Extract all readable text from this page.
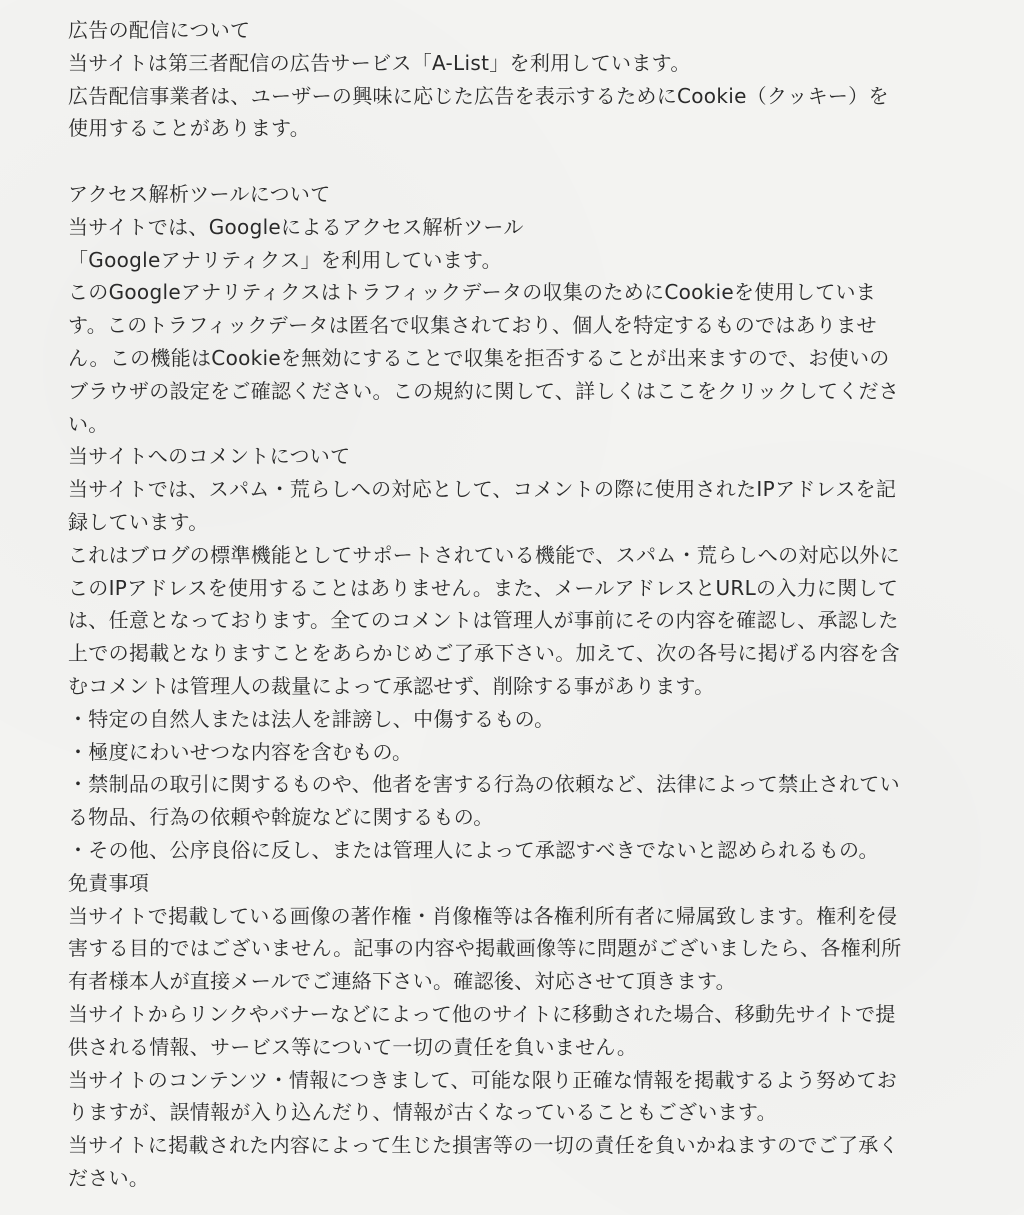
広告の配信について
当サイトは第三者配信の広告サービス「A-List」を利用しています。
広告配信事業者は、ユーザーの興味に応じた広告を表示するためにCookie（クッキー）を
使用することがあります。
アクセス解析ツールについて
当サイトでは、Googleによるアクセス解析ツール
「Googleアナリティクス」を利用しています。
このGoogleアナリティクスはトラフィックデータの収集のためにCookieを使用していま
す。このトラフィックデータは匿名で収集されており、個人を特定するものではありませ
ん。この機能はCookieを無効にすることで収集を拒否することが出来ますので、お使いの
ブラウザの設定をご確認ください。この規約に関して、詳しくはここをクリックしてくださ
い。
当サイトへのコメントについて
当サイトでは、スパム・荒らしへの対応として、コメントの際に使用されたIPアドレスを記
録しています。
これはブログの標準機能としてサポートされている機能で、スパム・荒らしへの対応以外に
このIPアドレスを使用することはありません。また、メールアドレスとURLの入力に関して
は、任意となっております。全てのコメントは管理人が事前にその内容を確認し、承認した
上での掲載となりますことをあらかじめご了承下さい。加えて、次の各号に掲げる内容を含
むコメントは管理人の裁量によって承認せず、削除する事があります。
・特定の自然人または法人を誹謗し、中傷するもの。
・極度にわいせつな内容を含むもの。
・禁制品の取引に関するものや、他者を害する行為の依頼など、法律によって禁止されてい
る物品、行為の依頼や斡旋などに関するもの。
・その他、公序良俗に反し、または管理人によって承認すべきでないと認められるもの。
免責事項
当サイトで掲載している画像の著作権・肖像権等は各権利所有者に帰属致します。権利を侵
害する目的ではございません。記事の内容や掲載画像等に問題がございましたら、各権利所
有者様本人が直接メールでご連絡下さい。確認後、対応させて頂きます。
当サイトからリンクやバナーなどによって他のサイトに移動された場合、移動先サイトで提
供される情報、サービス等について一切の責任を負いません。
当サイトのコンテンツ・情報につきまして、可能な限り正確な情報を掲載するよう努めてお
りますが、誤情報が入り込んだり、情報が古くなっていることもございます。
当サイトに掲載された内容によって生じた損害等の一切の責任を負いかねますのでご了承く
ださい。
